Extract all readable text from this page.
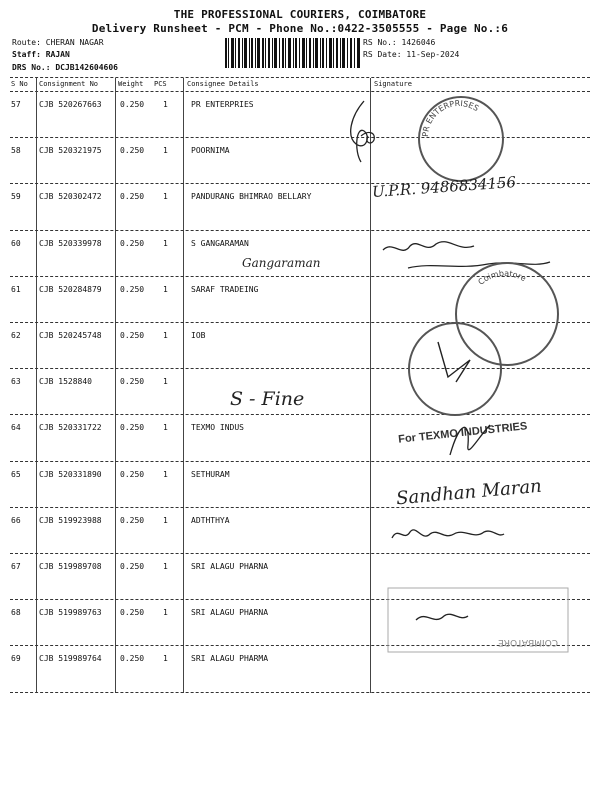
THE PROFESSIONAL COURIERS, COIMBATORE
Delivery Runsheet - PCM - Phone No.:0422-3505555 - Page No.:6
Route: CHERAN NAGAR
Staff: RAJAN
DRS No.: DCJB142604606
RS No.: 1426046
RS Date: 11-Sep-2024
S No Consignment No	Weight PCS	Consignee Details	Signature
57 CJB 520267663 0.250 1	PR ENTERPRIES
58 CJB 520321975 0.250 1	POORNIMA
59 CJB 520302472 0.250 1	PANDURANG BHIMRAO BELLARY
60 CJB 520339978 0.250 1	S GANGARAMAN
61 CJB 520284879 0.250 1	SARAF TRADEING
62 CJB 520245748 0.250 1	IOB
63 CJB 1528840	0.250 1
64 CJB 520331722 0.250 1	TEXMO INDUS
65 CJB 520331890 0.250 1	SETHURAM
66 CJB 519923988 0.250 1	ADTHTHYA
67 CJB 519989708 0.250 1	SRI ALAGU PHARNA
68 CJB 519989763 0.250 1	SRI ALAGU PHARNA
69 CJB 519989764 0.250 1	SRI ALAGU PHARMA
PR ENTERPRISES
U.P.R. 9486834156
Gangaraman
Coimbatore
S - Fine
For TEXMO INDUSTRIES
Sandhan Maran
COIMBATORE
